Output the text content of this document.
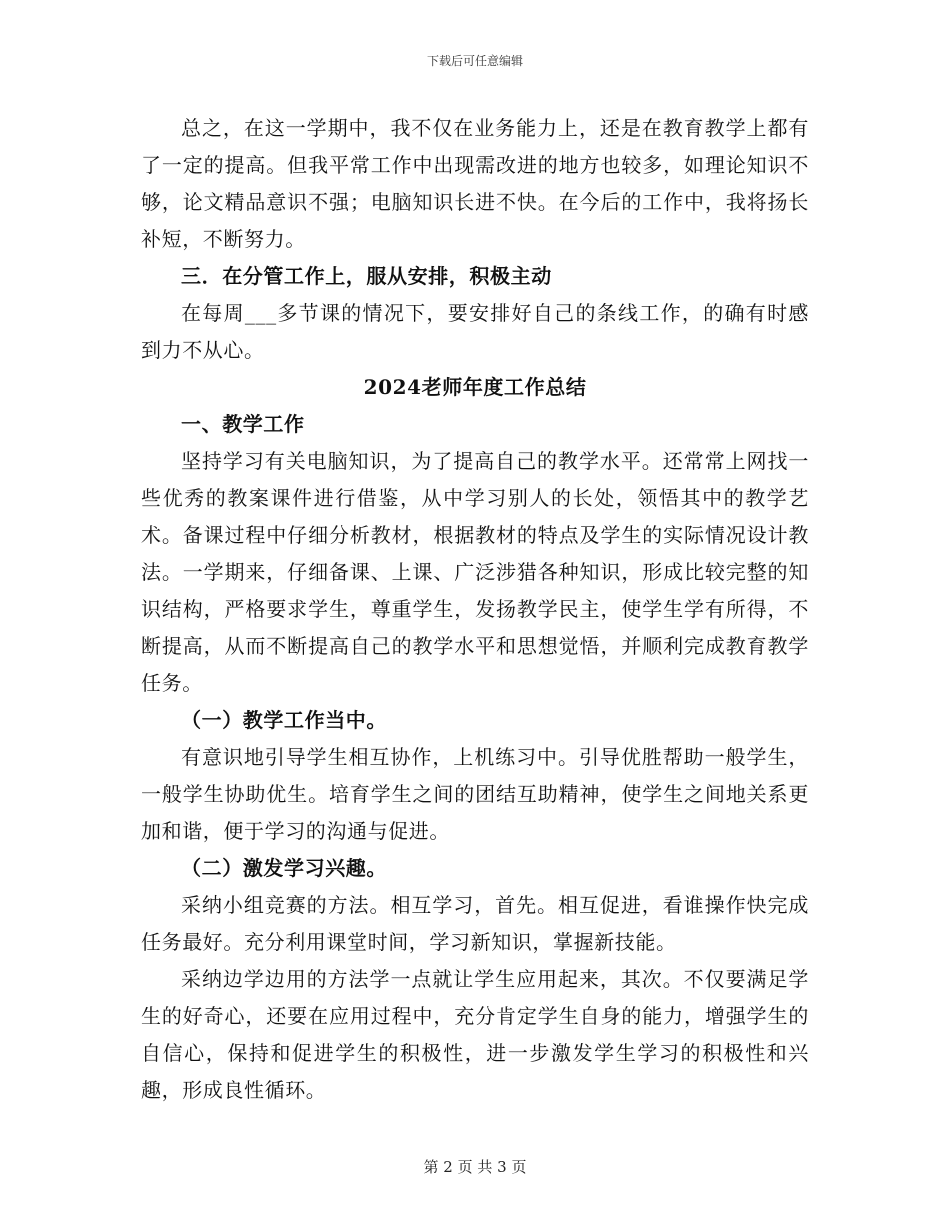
下载后可任意编辑

总之，在这一学期中，我不仅在业务能力上，还是在教育教学上都有了一定的提高。但我平常工作中出现需改进的地方也较多，如理论知识不够，论文精品意识不强；电脑知识长进不快。在今后的工作中，我将扬长补短，不断努力。

三．在分管工作上，服从安排，积极主动

在每周___多节课的情况下，要安排好自己的条线工作，的确有时感到力不从心。

2024老师年度工作总结

一、教学工作

坚持学习有关电脑知识，为了提高自己的教学水平。还常常上网找一些优秀的教案课件进行借鉴，从中学习别人的长处，领悟其中的教学艺术。备课过程中仔细分析教材，根据教材的特点及学生的实际情况设计教法。一学期来，仔细备课、上课、广泛涉猎各种知识，形成比较完整的知识结构，严格要求学生，尊重学生，发扬教学民主，使学生学有所得，不断提高，从而不断提高自己的教学水平和思想觉悟，并顺利完成教育教学任务。

（一）教学工作当中。

有意识地引导学生相互协作，上机练习中。引导优胜帮助一般学生，一般学生协助优生。培育学生之间的团结互助精神，使学生之间地关系更加和谐，便于学习的沟通与促进。

（二）激发学习兴趣。

采纳小组竞赛的方法。相互学习，首先。相互促进，看谁操作快完成任务最好。充分利用课堂时间，学习新知识，掌握新技能。

采纳边学边用的方法学一点就让学生应用起来，其次。不仅要满足学生的好奇心，还要在应用过程中，充分肯定学生自身的能力，增强学生的自信心，保持和促进学生的积极性，进一步激发学生学习的积极性和兴趣，形成良性循环。

第 2 页 共 3 页
